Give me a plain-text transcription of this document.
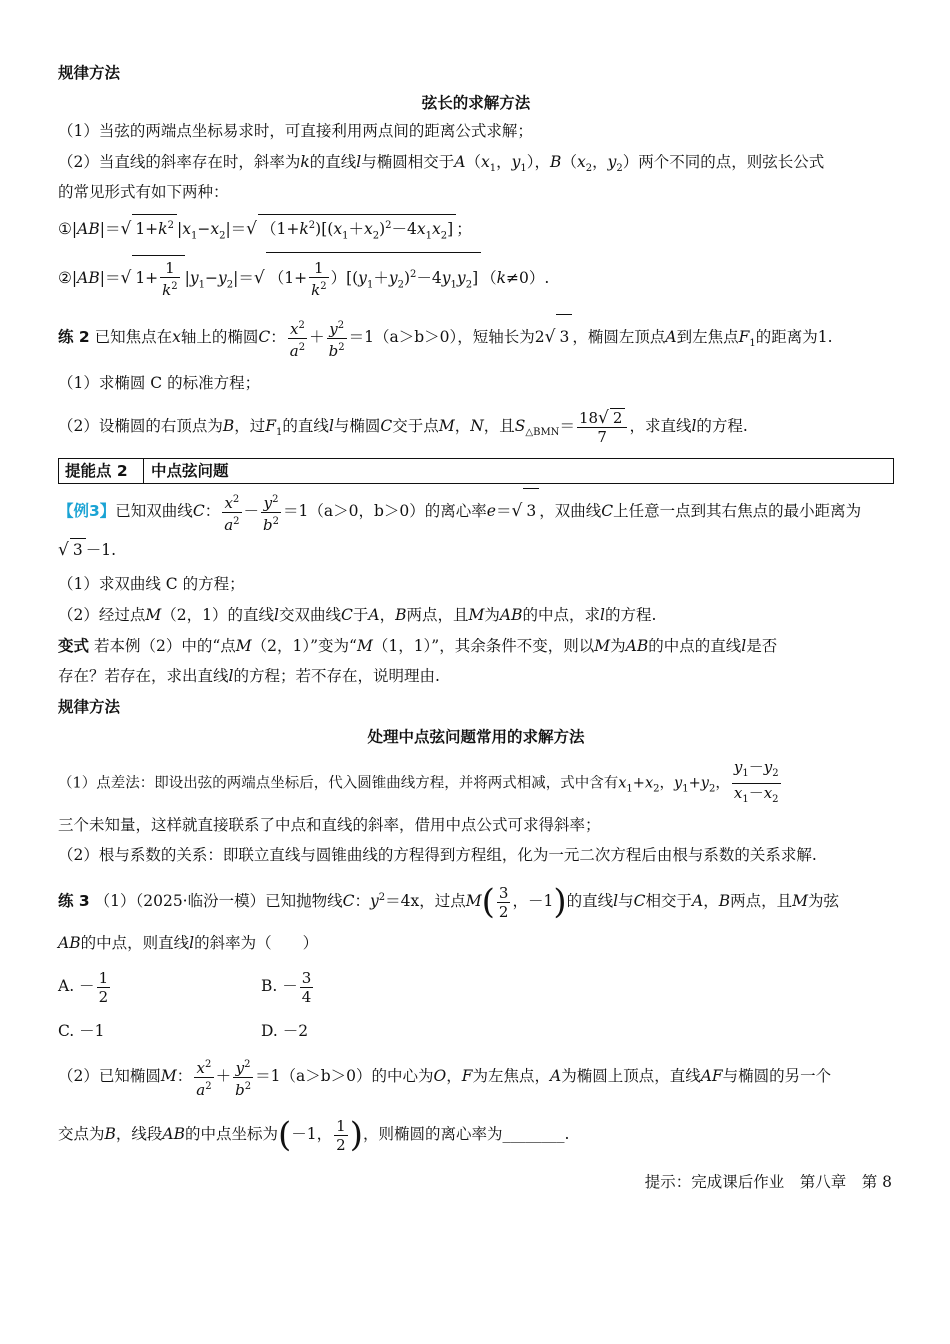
规律方法
弦长的求解方法
（1）当弦的两端点坐标易求时，可直接利用两点间的距离公式求解；
（2）当直线的斜率存在时，斜率为k的直线l与椭圆相交于$A(x_1$，$y_1$），$B(x_2$，$y_2$）两个不同的点，则弦长公式
的常见形式有如下两种：
①|AB|＝√ $1+k^2$ $|x_1-x_2|=√$ $(1+k^2)[(x_1+x_2)^2-4x_1x_2]$ ；
②|AB|＝√ $1+ \frac{1}{k^2} |y_1-y_2|=√$ $(1+ \frac{1}{k^2} )[(y_1+y_2)^2-4y_1y_2]$ （k≠0）.
练 2 已知焦点在x轴上的椭圆C： $\frac{x^2}{a^2} + \frac{y^2}{b^2} =1(a>b>0)$，短轴长为2√ 3 ，椭圆左顶点A到左焦点$F_1$的距离为1.
（1）求椭圆 C 的标准方程；
（2）设椭圆的右顶点为B，过$F_1$的直线l与椭圆C交于点M，N，且$S_{\triangle BMN}= \frac{18√ 2}{7}$ ，求直线l的方程.
提能点 2	中点弦问题
【例3】已知双曲线C： $\frac{x^2}{a^2} - \frac{y^2}{b^2} =1(a>0$，b＞0）的离心率e＝√ 3 ，双曲线C上任意一点到其右焦点的最小距离为
√ 3 －1.
（1）求双曲线 C 的方程；
（2）经过点M（2，1）的直线l交双曲线C于A，B两点，且M为AB的中点，求l的方程.
变式 若本例（2）中的“点M（2，1）”变为“M（1，1）”，其余条件不变，则以M为AB的中点的直线l是否
存在？若存在，求出直线l的方程；若不存在，说明理由.
规律方法
处理中点弦问题常用的求解方法
（1）点差法：即设出弦的两端点坐标后，代入圆锥曲线方程，并将两式相减，式中含有$x_1+x_2$，$y_1+y_2$， $\frac{y_1-y_2}{x_1-x_2}$
三个未知量，这样就直接联系了中点和直线的斜率，借用中点公式可求得斜率；
（2）根与系数的关系：即联立直线与圆锥曲线的方程得到方程组，化为一元二次方程后由根与系数的关系求解.
练 3 （1）（2025·临汾一模）已知抛物线C：$y^2=4x$，过点$M( \frac{3}{2}$ ，－1)的直线l与C相交于A，B两点，且M为弦
AB的中点，则直线l的斜率为（　　）
A. － $\frac{1}{2}$	B. － $\frac{3}{4}$
C. －1	D. －2
（2）已知椭圆M： $\frac{x^2}{a^2} + \frac{y^2}{b^2} =1(a>b>0)$的中心为O，F为左焦点，A为椭圆上顶点，直线AF与椭圆的另一个
交点为B，线段AB的中点坐标为(－1， $\frac{1}{2}$ )，则椭圆的离心率为________.
提示：完成课后作业　第八章　第 8
